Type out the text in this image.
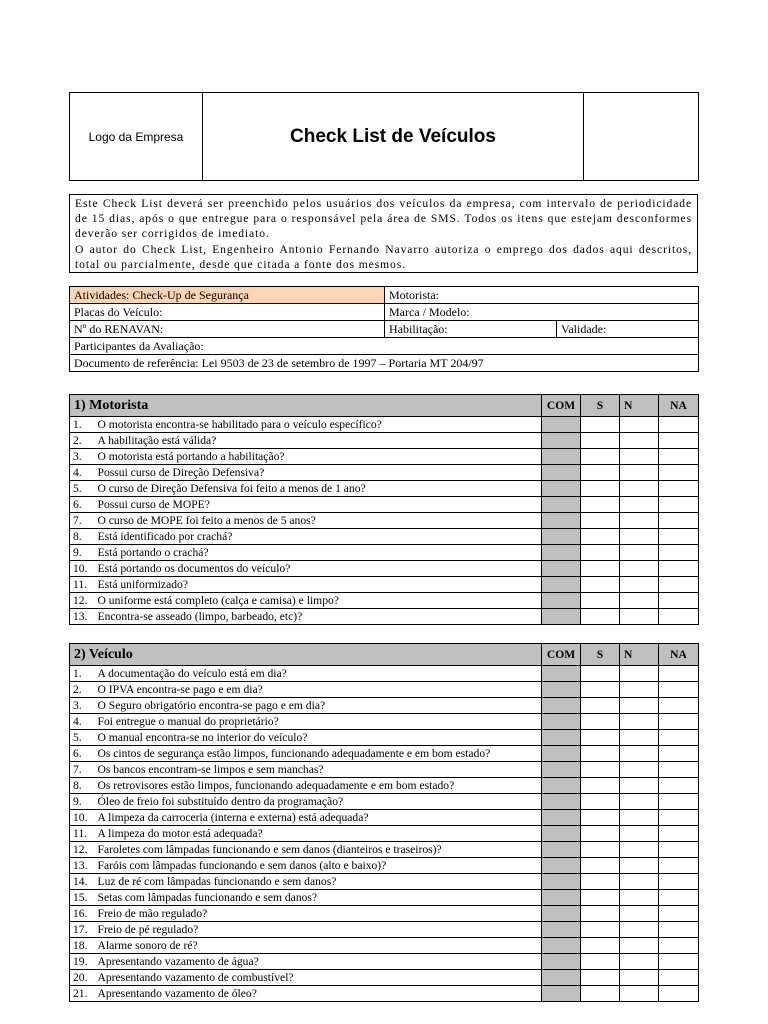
Logo da Empresa	Check List de Veículos	

Este Check List deverá ser preenchido pelos usuários dos veículos da empresa, com intervalo de periodicidade de 15 dias, após o que entregue para o responsável pela área de SMS. Todos os itens que estejam desconformes deverão ser corrigidos de imediato.

O autor do Check List, Engenheiro Antonio Fernando Navarro autoriza o emprego dos dados aqui descritos, total ou parcialmente, desde que citada a fonte dos mesmos.

Atividades: Check-Up de Segurança	Motorista:	
Placas do Veículo:	Marca / Modelo:	
Nº do RENAVAN:	Habilitação:	Validade:
Participantes da Avaliação:		
Documento de referência: Lei 9503 de 23 de setembro de 1997 – Portaria MT 204/97		
1) Motorista		COM	S	N	NA
1.	O motorista encontra-se habilitado para o veículo específico?				
2.	A habilitação está válida?				
3.	O motorista está portando a habilitação?				
4.	Possui curso de Direção Defensiva?				
5.	O curso de Direção Defensiva foi feito a menos de 1 ano?				
6.	Possui curso de MOPE?				
7.	O curso de MOPE foi feito a menos de 5 anos?				
8.	Está identificado por crachá?				
9.	Está portando o crachá?				
10.	Está portando os documentos do veículo?				
11.	Está uniformizado?				
12.	O uniforme está completo (calça e camisa) e limpo?				
13.	Encontra-se asseado (limpo, barbeado, etc)?				
2) Veículo		COM	S	N	NA
1.	A documentação do veículo está em dia?				
2.	O IPVA encontra-se pago e em dia?				
3.	O Seguro obrigatório encontra-se pago e em dia?				
4.	Foi entregue o manual do proprietário?				
5.	O manual encontra-se no interior do veículo?				
6.	Os cintos de segurança estão limpos, funcionando adequadamente e em bom estado?				
7.	Os bancos encontram-se limpos e sem manchas?				
8.	Os retrovisores estão limpos, funcionando adequadamente e em bom estado?				
9.	Óleo de freio foi substituído dentro da programação?				
10.	A limpeza da carroceria (interna e externa) está adequada?				
11.	A limpeza do motor está adequada?				
12.	Faroletes com lâmpadas funcionando e sem danos (dianteiros e traseiros)?				
13.	Faróis com lâmpadas funcionando e sem danos (alto e baixo)?				
14.	Luz de ré com lâmpadas funcionando e sem danos?				
15.	Setas com lâmpadas funcionando e sem danos?				
16.	Freio de mão regulado?				
17.	Freio de pé regulado?				
18.	Alarme sonoro de ré?				
19.	Apresentando vazamento de água?				
20.	Apresentando vazamento de combustível?				
21.	Apresentando vazamento de óleo?				
